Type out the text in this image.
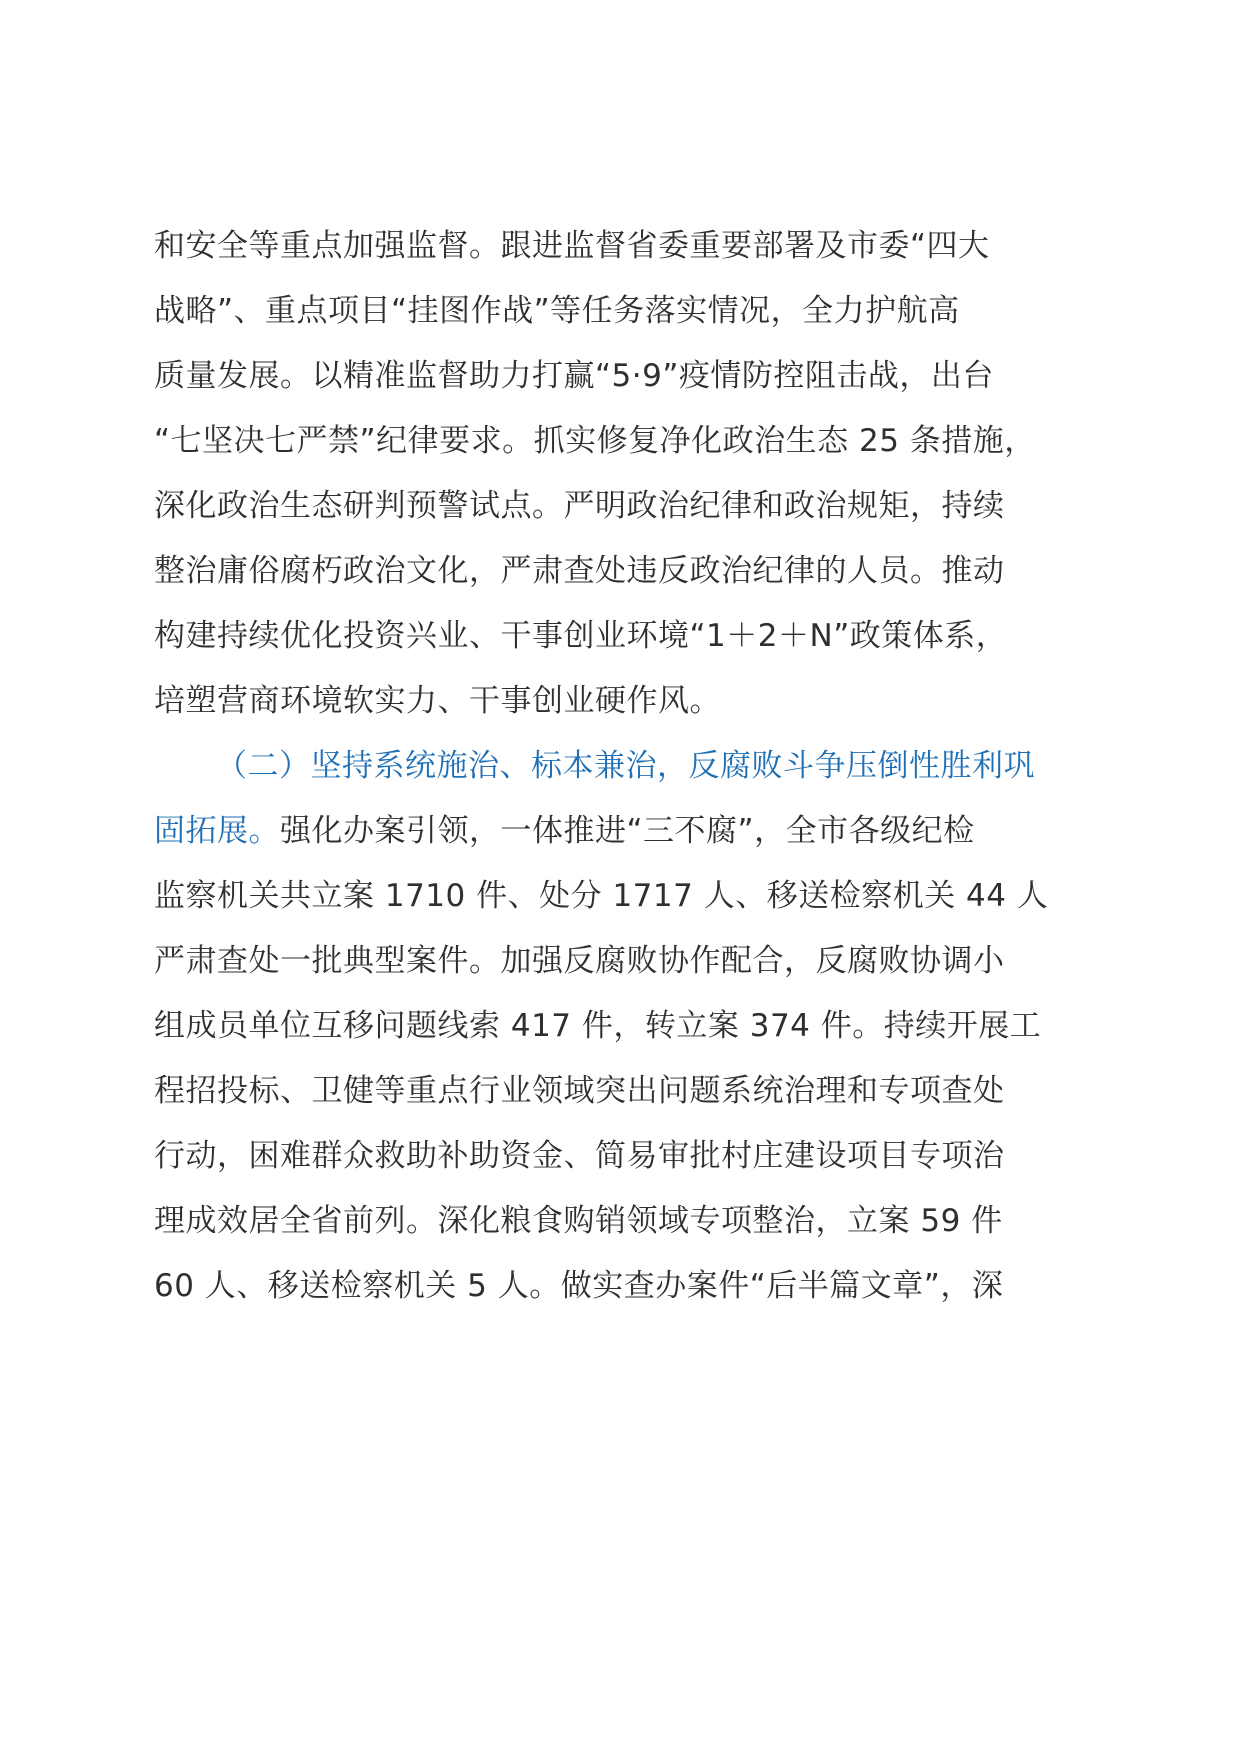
和安全等重点加强监督。跟进监督省委重要部署及市委“四大
战略”、重点项目“挂图作战”等任务落实情况，全力护航高
质量发展。以精准监督助力打赢“5·9”疫情防控阻击战，出台
“七坚决七严禁”纪律要求。抓实修复净化政治生态 25 条措施，
深化政治生态研判预警试点。严明政治纪律和政治规矩，持续
整治庸俗腐朽政治文化，严肃查处违反政治纪律的人员。推动
构建持续优化投资兴业、干事创业环境“1＋2＋N”政策体系，
培塑营商环境软实力、干事创业硬作风。
（二）坚持系统施治、标本兼治，反腐败斗争压倒性胜利巩
固拓展。强化办案引领，一体推进“三不腐”，全市各级纪检
监察机关共立案 1710 件、处分 1717 人、移送检察机关 44 人
严肃查处一批典型案件。加强反腐败协作配合，反腐败协调小
组成员单位互移问题线索 417 件，转立案 374 件。持续开展工
程招投标、卫健等重点行业领域突出问题系统治理和专项查处
行动，困难群众救助补助资金、简易审批村庄建设项目专项治
理成效居全省前列。深化粮食购销领域专项整治，立案 59 件
60 人、移送检察机关 5 人。做实查办案件“后半篇文章”，深
